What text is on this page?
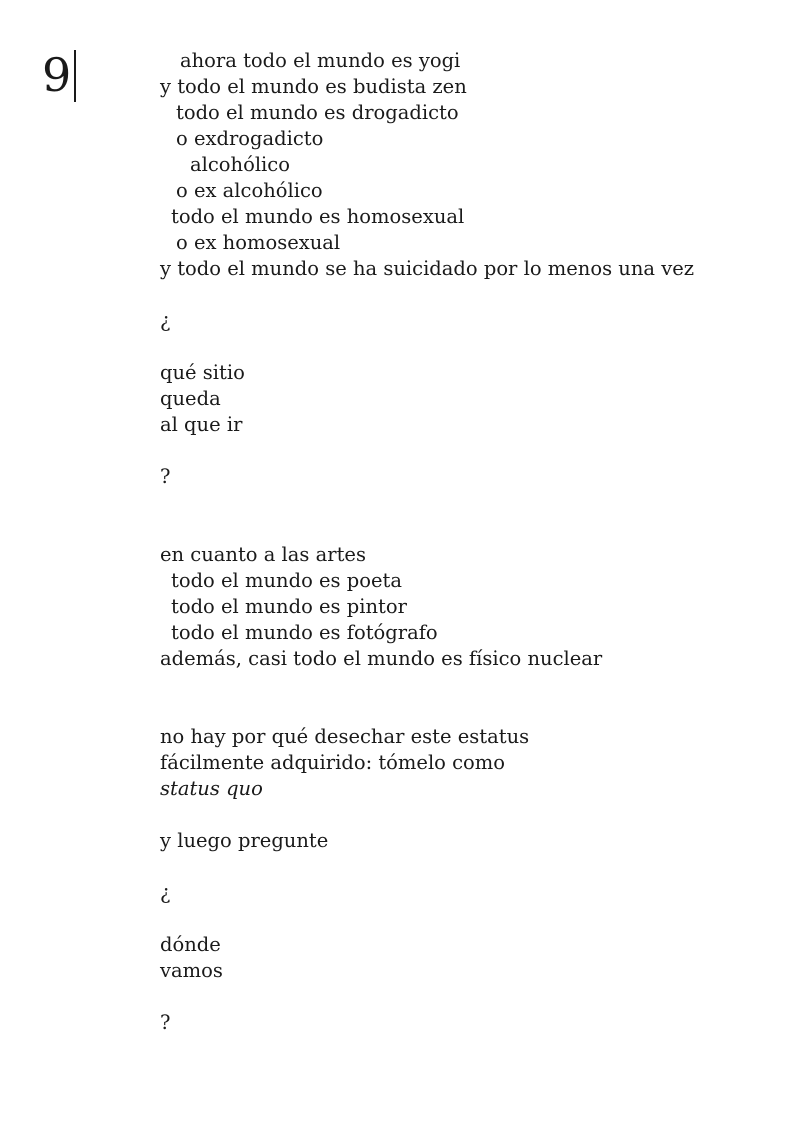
9	ahora todo el mundo es yogi
y todo el mundo es budista zen
todo el mundo es drogadicto
o exdrogadicto
alcohólico
o ex alcohólico
todo el mundo es homosexual
o ex homosexual
y todo el mundo se ha suicidado por lo menos una vez
¿
qué sitio
queda
al que ir
?
en cuanto a las artes
todo el mundo es poeta
todo el mundo es pintor
todo el mundo es fotógrafo
además, casi todo el mundo es físico nuclear
no hay por qué desechar este estatus
fácilmente adquirido: tómelo como
status quo
y luego pregunte
¿
dónde
vamos
?
